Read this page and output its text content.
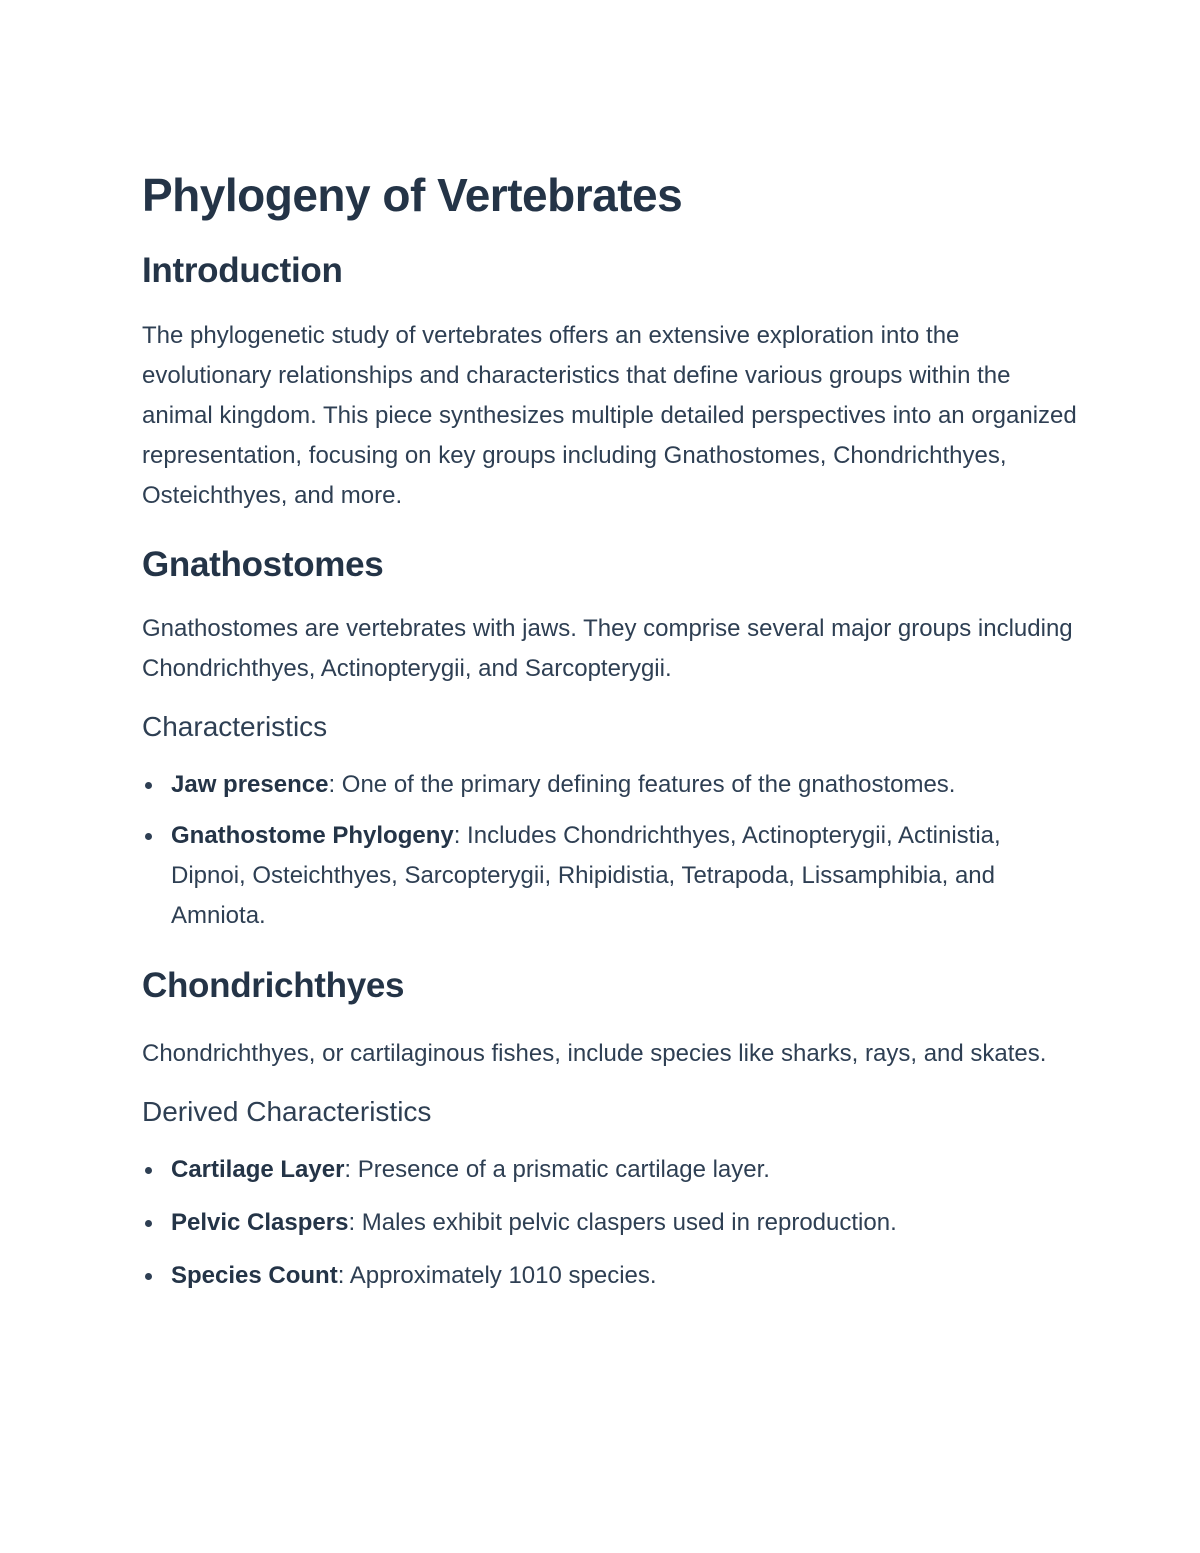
Phylogeny of Vertebrates
Introduction

The phylogenetic study of vertebrates offers an extensive exploration into the evolutionary relationships and characteristics that define various groups within the animal kingdom. This piece synthesizes multiple detailed perspectives into an organized representation, focusing on key groups including Gnathostomes, Chondrichthyes, Osteichthyes, and more.

Gnathostomes

Gnathostomes are vertebrates with jaws. They comprise several major groups including Chondrichthyes, Actinopterygii, and Sarcopterygii.

Characteristics
Jaw presence: One of the primary defining features of the gnathostomes.
Gnathostome Phylogeny: Includes Chondrichthyes, Actinopterygii, Actinistia, Dipnoi, Osteichthyes, Sarcopterygii, Rhipidistia, Tetrapoda, Lissamphibia, and Amniota.
Chondrichthyes

Chondrichthyes, or cartilaginous fishes, include species like sharks, rays, and skates.

Derived Characteristics
Cartilage Layer: Presence of a prismatic cartilage layer.
Pelvic Claspers: Males exhibit pelvic claspers used in reproduction.
Species Count: Approximately 1010 species.
